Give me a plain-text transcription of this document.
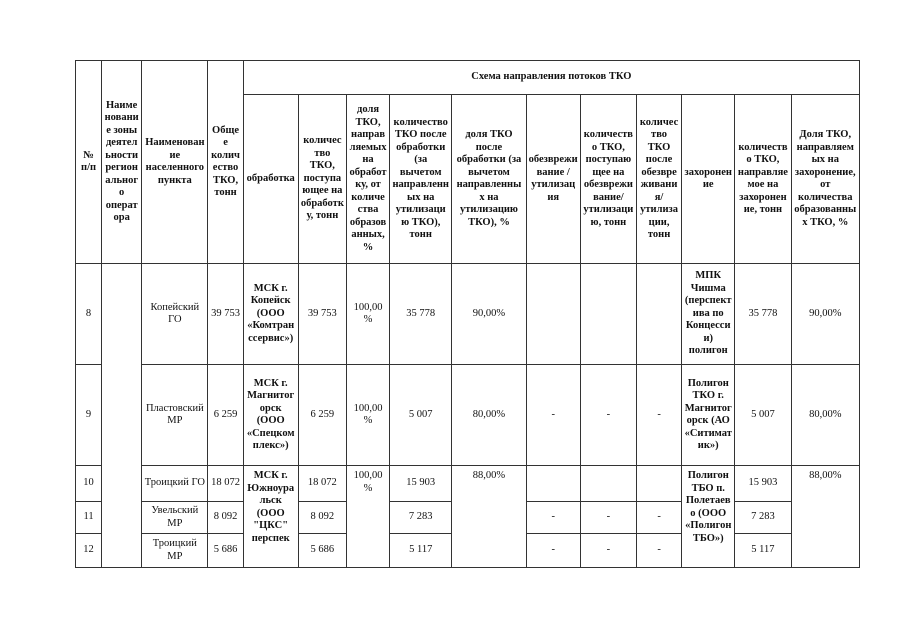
№ п/п	Наименование зоны деятельности регионального оператора	Наименование населенного пункта	Общее количество ТКО, тонн	Схема направления потоков ТКО										
				обработка	количество ТКО, поступающее на обработку, тонн	доля ТКО, направляемых на обработку, от количества образованных, %	количество ТКО после обработки (за вычетом направленных на утилизацию ТКО), тонн	доля ТКО после обработки (за вычетом направленных на утилизацию ТКО), %	обезвреживание / утилизация	количество ТКО, поступающее на обезвреживание/утилизацию, тонн	количество ТКО после обезвреживания/утилизации, тонн	захоронение	количество ТКО, направляемое на захоронение, тонн	Доля ТКО, направляемых на захоронение, от количества образованных ТКО, %
8		Копейский ГО	39 753	МСК г. Копейск (ООО «Комтранссервис»)	39 753	100,00 %	35 778	90,00%				МПК Чишма (перспектива по Концессии) полигон	35 778	90,00%
9		Пластовский МР	6 259	МСК г. Магнитогорск (ООО «Спецкомплекс»)	6 259	100,00 %	5 007	80,00%	-	-	-	Полигон ТКО г. Магнитогорск (АО «Ситиматик»)	5 007	80,00%
10		Троицкий ГО	18 072	МСК г. Южноуральск (ООО "ЦКС" перспек	18 072	100,00 %	15 903	88,00%				Полигон ТБО п. Полетаево (ООО «Полигон ТБО»)	15 903	88,00%
11		Увельский МР	8 092		8 092		7 283		-	-	-		7 283	
12		Троицкий МР	5 686		5 686		5 117		-	-	-		5 117	
